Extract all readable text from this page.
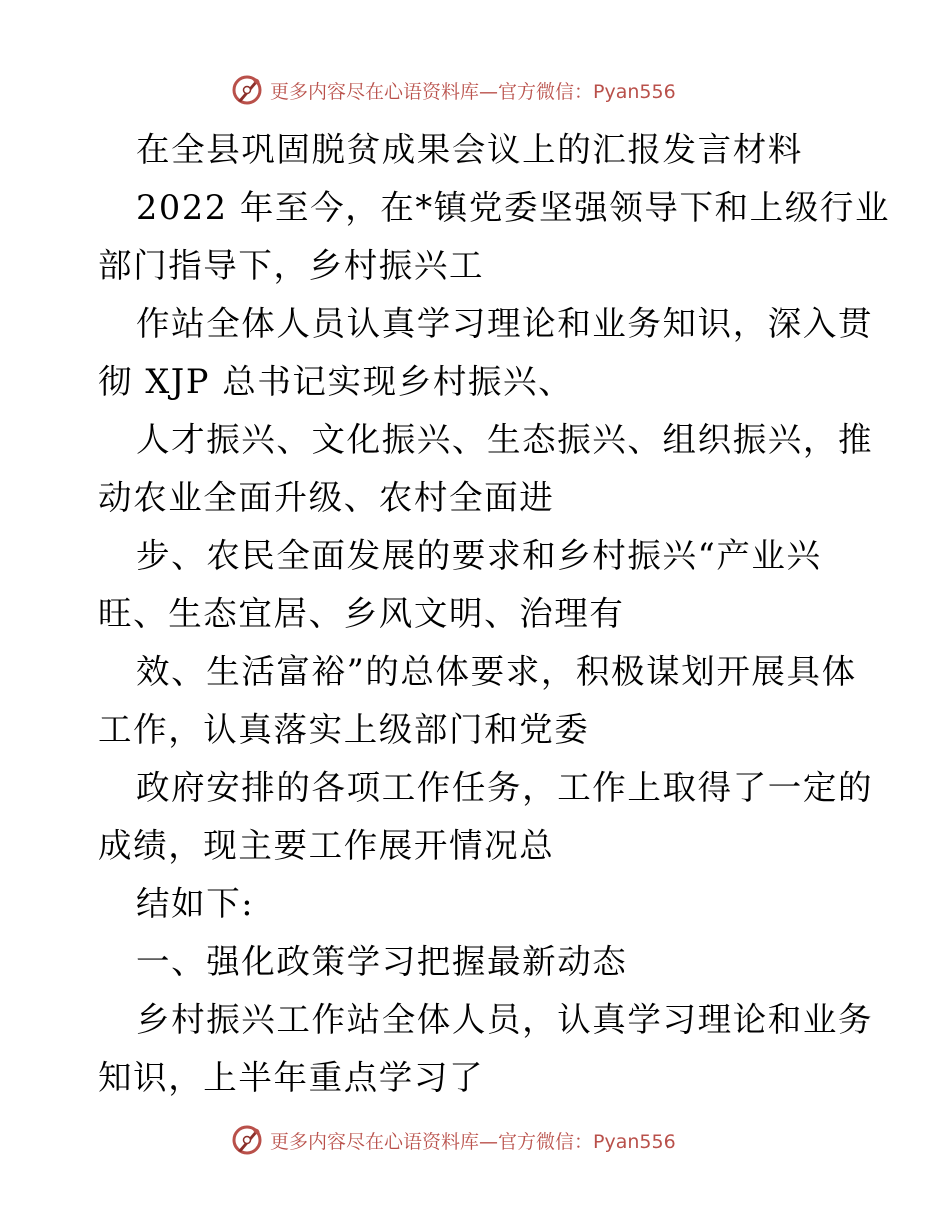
更多内容尽在心语资料库—官方微信：Pyan556
在全县巩固脱贫成果会议上的汇报发言材料
2022 年至今，在*镇党委坚强领导下和上级行业
部门指导下，乡村振兴工
作站全体人员认真学习理论和业务知识，深入贯
彻 XJP 总书记实现乡村振兴、
人才振兴、文化振兴、生态振兴、组织振兴，推
动农业全面升级、农村全面进
步、农民全面发展的要求和乡村振兴“产业兴
旺、生态宜居、乡风文明、治理有
效、生活富裕”的总体要求，积极谋划开展具体
工作，认真落实上级部门和党委
政府安排的各项工作任务，工作上取得了一定的
成绩，现主要工作展开情况总
结如下:
一、强化政策学习把握最新动态
乡村振兴工作站全体人员，认真学习理论和业务
知识，上半年重点学习了
更多内容尽在心语资料库—官方微信：Pyan556
